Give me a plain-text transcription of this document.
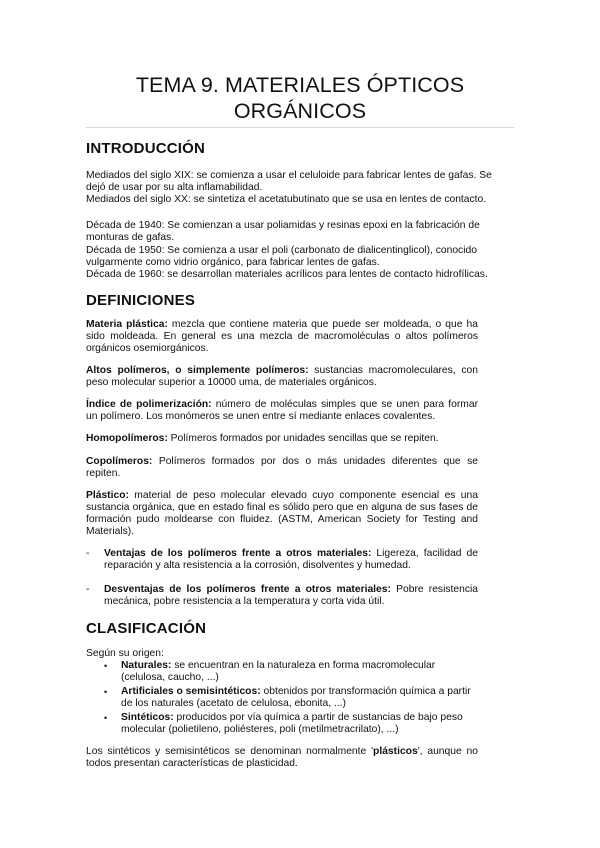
TEMA 9. MATERIALES ÓPTICOS
ORGÁNICOS
INTRODUCCIÓN

Mediados del siglo XIX: se comienza a usar el celuloide para fabricar lentes de gafas. Se

dejó de usar por su alta inflamabilidad.

Mediados del siglo XX: se sintetiza el acetatubutinato que se usa en lentes de contacto.

Década de 1940: Se comienzan a usar poliamidas y resinas epoxi en la fabricación de

monturas de gafas.

Década de 1950: Se comienza a usar el poli (carbonato de dialicentinglicol), conocido

vulgarmente como vidrio orgánico, para fabricar lentes de gafas.

Década de 1960: se desarrollan materiales acrílicos para lentes de contacto hidrofílicas.

DEFINICIONES

Materia plástica: mezcla que contiene materia que puede ser moldeada, o que ha sido moldeada. En general es una mezcla de macromoléculas o altos polímeros orgánicos osemiorgánicos.

Altos polímeros, o simplemente polímeros: sustancias macromoleculares, con peso molecular superior a 10000 uma, de materiales orgánicos.

Índice de polimerización: número de moléculas simples que se unen para formar un polímero. Los monómeros se unen entre sí mediante enlaces covalentes.

Homopolímeros: Polímeros formados por unidades sencillas que se repiten.

Copolímeros: Polímeros formados por dos o más unidades diferentes que se repiten.

Plástico: material de peso molecular elevado cuyo componente esencial es una sustancia orgánica, que en estado final es sólido pero que en alguna de sus fases de formación pudo moldearse con fluidez. (ASTM, American Society for Testing and Materials).

- Ventajas de los polímeros frente a otros materiales: Ligereza, facilidad de reparación y alta resistencia a la corrosión, disolventes y humedad.

- Desventajas de los polímeros frente a otros materiales: Pobre resistencia mecánica, pobre resistencia a la temperatura y corta vida útil.

CLASIFICACIÓN

Según su origen:

• Naturales: se encuentran en la naturaleza en forma macromolecular (celulosa, caucho, ...)

• Artificiales o semisintéticos: obtenidos por transformación química a partir de los naturales (acetato de celulosa, ebonita, ...)

• Sintéticos: producidos por vía química a partir de sustancias de bajo peso molecular (polietileno, poliésteres, poli (metilmetracrilato), ...)

Los sintéticos y semisintéticos se denominan normalmente 'plásticos', aunque no todos presentan características de plasticidad.
